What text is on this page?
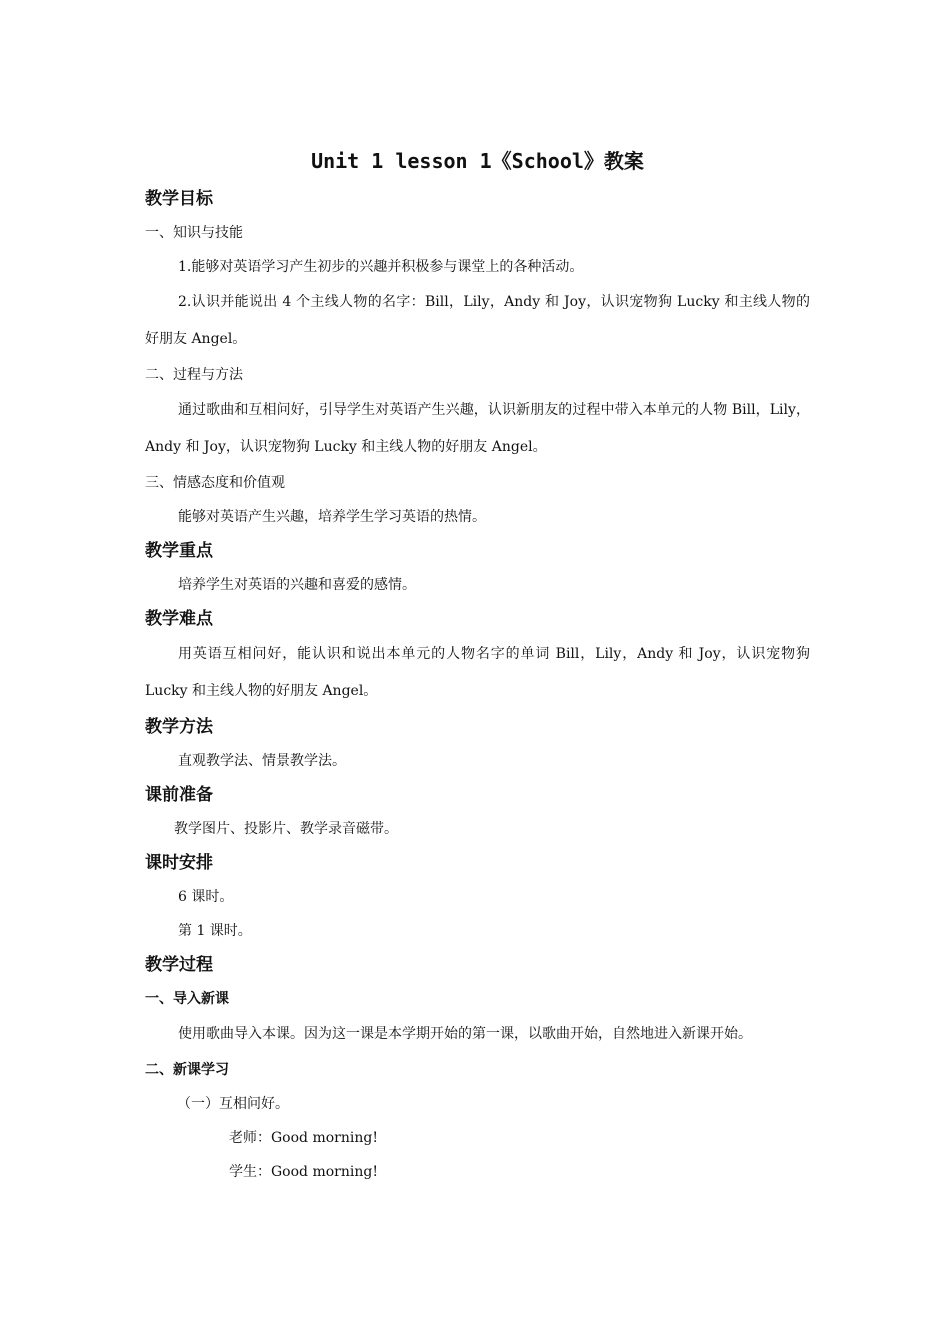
Unit 1 lesson 1《School》教案
教学目标
一、知识与技能

1.能够对英语学习产生初步的兴趣并积极参与课堂上的各种活动。

2.认识并能说出 4 个主线人物的名字：Bill，Lily，Andy 和 Joy，认识宠物狗 Lucky 和主线人物的好朋友 Angel。

二、过程与方法

通过歌曲和互相问好，引导学生对英语产生兴趣，认识新朋友的过程中带入本单元的人物 Bill，Lily，Andy 和 Joy，认识宠物狗 Lucky 和主线人物的好朋友 Angel。

三、情感态度和价值观

能够对英语产生兴趣，培养学生学习英语的热情。

教学重点

培养学生对英语的兴趣和喜爱的感情。

教学难点

用英语互相问好，能认识和说出本单元的人物名字的单词 Bill，Lily，Andy 和 Joy，认识宠物狗 Lucky 和主线人物的好朋友 Angel。

教学方法

直观教学法、情景教学法。

课前准备

教学图片、投影片、教学录音磁带。

课时安排

6 课时。

第 1 课时。

教学过程
一、导入新课

使用歌曲导入本课。因为这一课是本学期开始的第一课，以歌曲开始，自然地进入新课开始。

二、新课学习
（一）互相问好。
老师：Good morning!
学生：Good morning!
